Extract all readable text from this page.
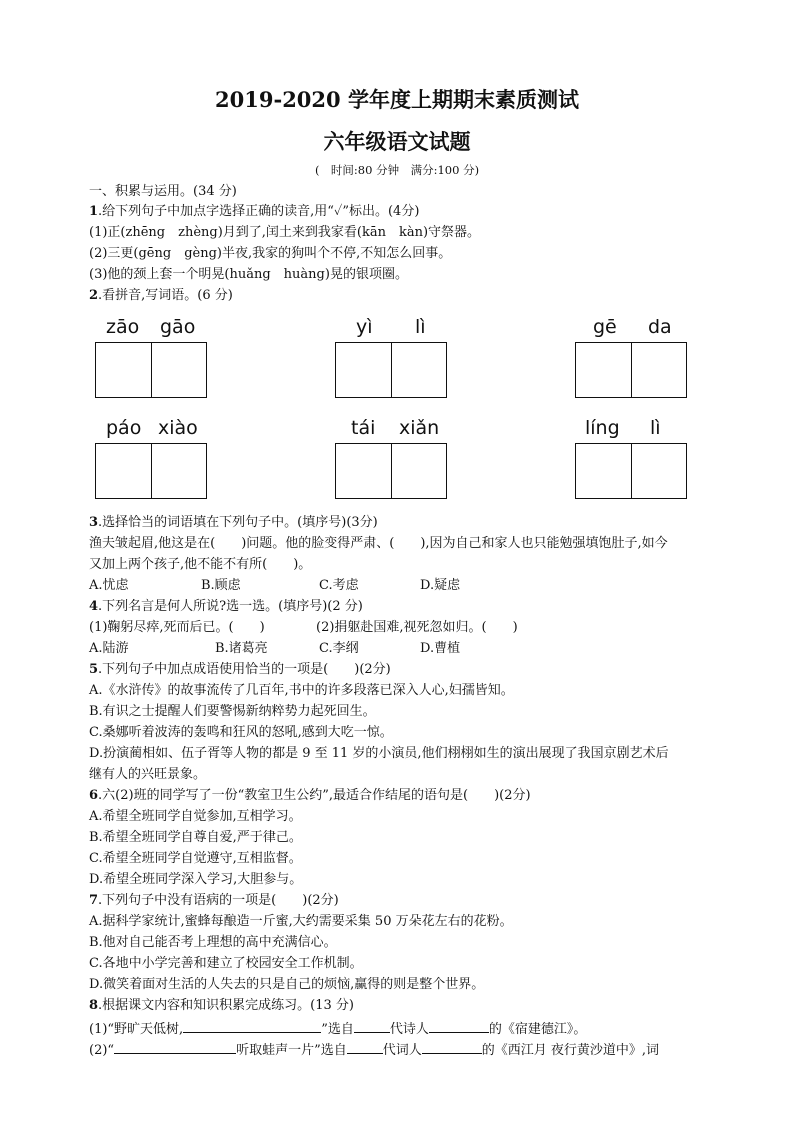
2019-2020 学年度上期期末素质测试
六年级语文试题
(　时间:80 分钟　满分:100 分)
一、积累与运用。(34 分)
1.给下列句子中加点字选择正确的读音,用“✓”标出。(4分)
(1)正(zhēng　zhèng)月到了,闰土来到我家看(kān　kàn)守祭器。
(2)三更(gēng　gèng)半夜,我家的狗叫个不停,不知怎么回事。
(3)他的颈上套一个明晃(huǎng　huàng)晃的银项圈。
2.看拼音,写词语。(6 分)
zāo gāo	yì lì	gē da
páo xiào	tái xiǎn	líng lì
3.选择恰当的词语填在下列句子中。(填序号)(3分)
渔夫皱起眉,他这是在(　　)问题。他的脸变得严肃、(　　),因为自己和家人也只能勉强填饱肚子,如今
又加上两个孩子,他不能不有所(　　)。
A.忧虑	B.顾虑	C.考虑	D.疑虑
4.下列名言是何人所说?选一选。(填序号)(2 分)
(1)鞠躬尽瘁,死而后已。(　　)	(2)捐躯赴国难,视死忽如归。(　　)
A.陆游	B.诸葛亮	C.李纲	D.曹植
5.下列句子中加点成语使用恰当的一项是(　　)(2分)
A.《水浒传》的故事流传了几百年,书中的许多段落已深入人心,妇孺皆知。
B.有识之士提醒人们要警惕新纳粹势力起死回生。
C.桑娜听着波涛的轰鸣和狂风的怒吼,感到大吃一惊。
D.扮演蔺相如、伍子胥等人物的都是 9 至 11 岁的小演员,他们栩栩如生的演出展现了我国京剧艺术后
继有人的兴旺景象。
6.六(2)班的同学写了一份“教室卫生公约”,最适合作结尾的语句是(　　)(2分)
A.希望全班同学自觉参加,互相学习。
B.希望全班同学自尊自爱,严于律己。
C.希望全班同学自觉遵守,互相监督。
D.希望全班同学深入学习,大胆参与。
7.下列句子中没有语病的一项是(　　)(2分)
A.据科学家统计,蜜蜂每酿造一斤蜜,大约需要采集 50 万朵花左右的花粉。
B.他对自己能否考上理想的高中充满信心。
C.各地中小学完善和建立了校园安全工作机制。
D.微笑着面对生活的人失去的只是自己的烦恼,赢得的则是整个世界。
8.根据课文内容和知识积累完成练习。(13 分)
(1)“野旷天低树,	”选自	代诗人	的《宿建德江》。
(2)“	听取蛙声一片”选自	代词人	的《西江月 夜行黄沙道中》,词
